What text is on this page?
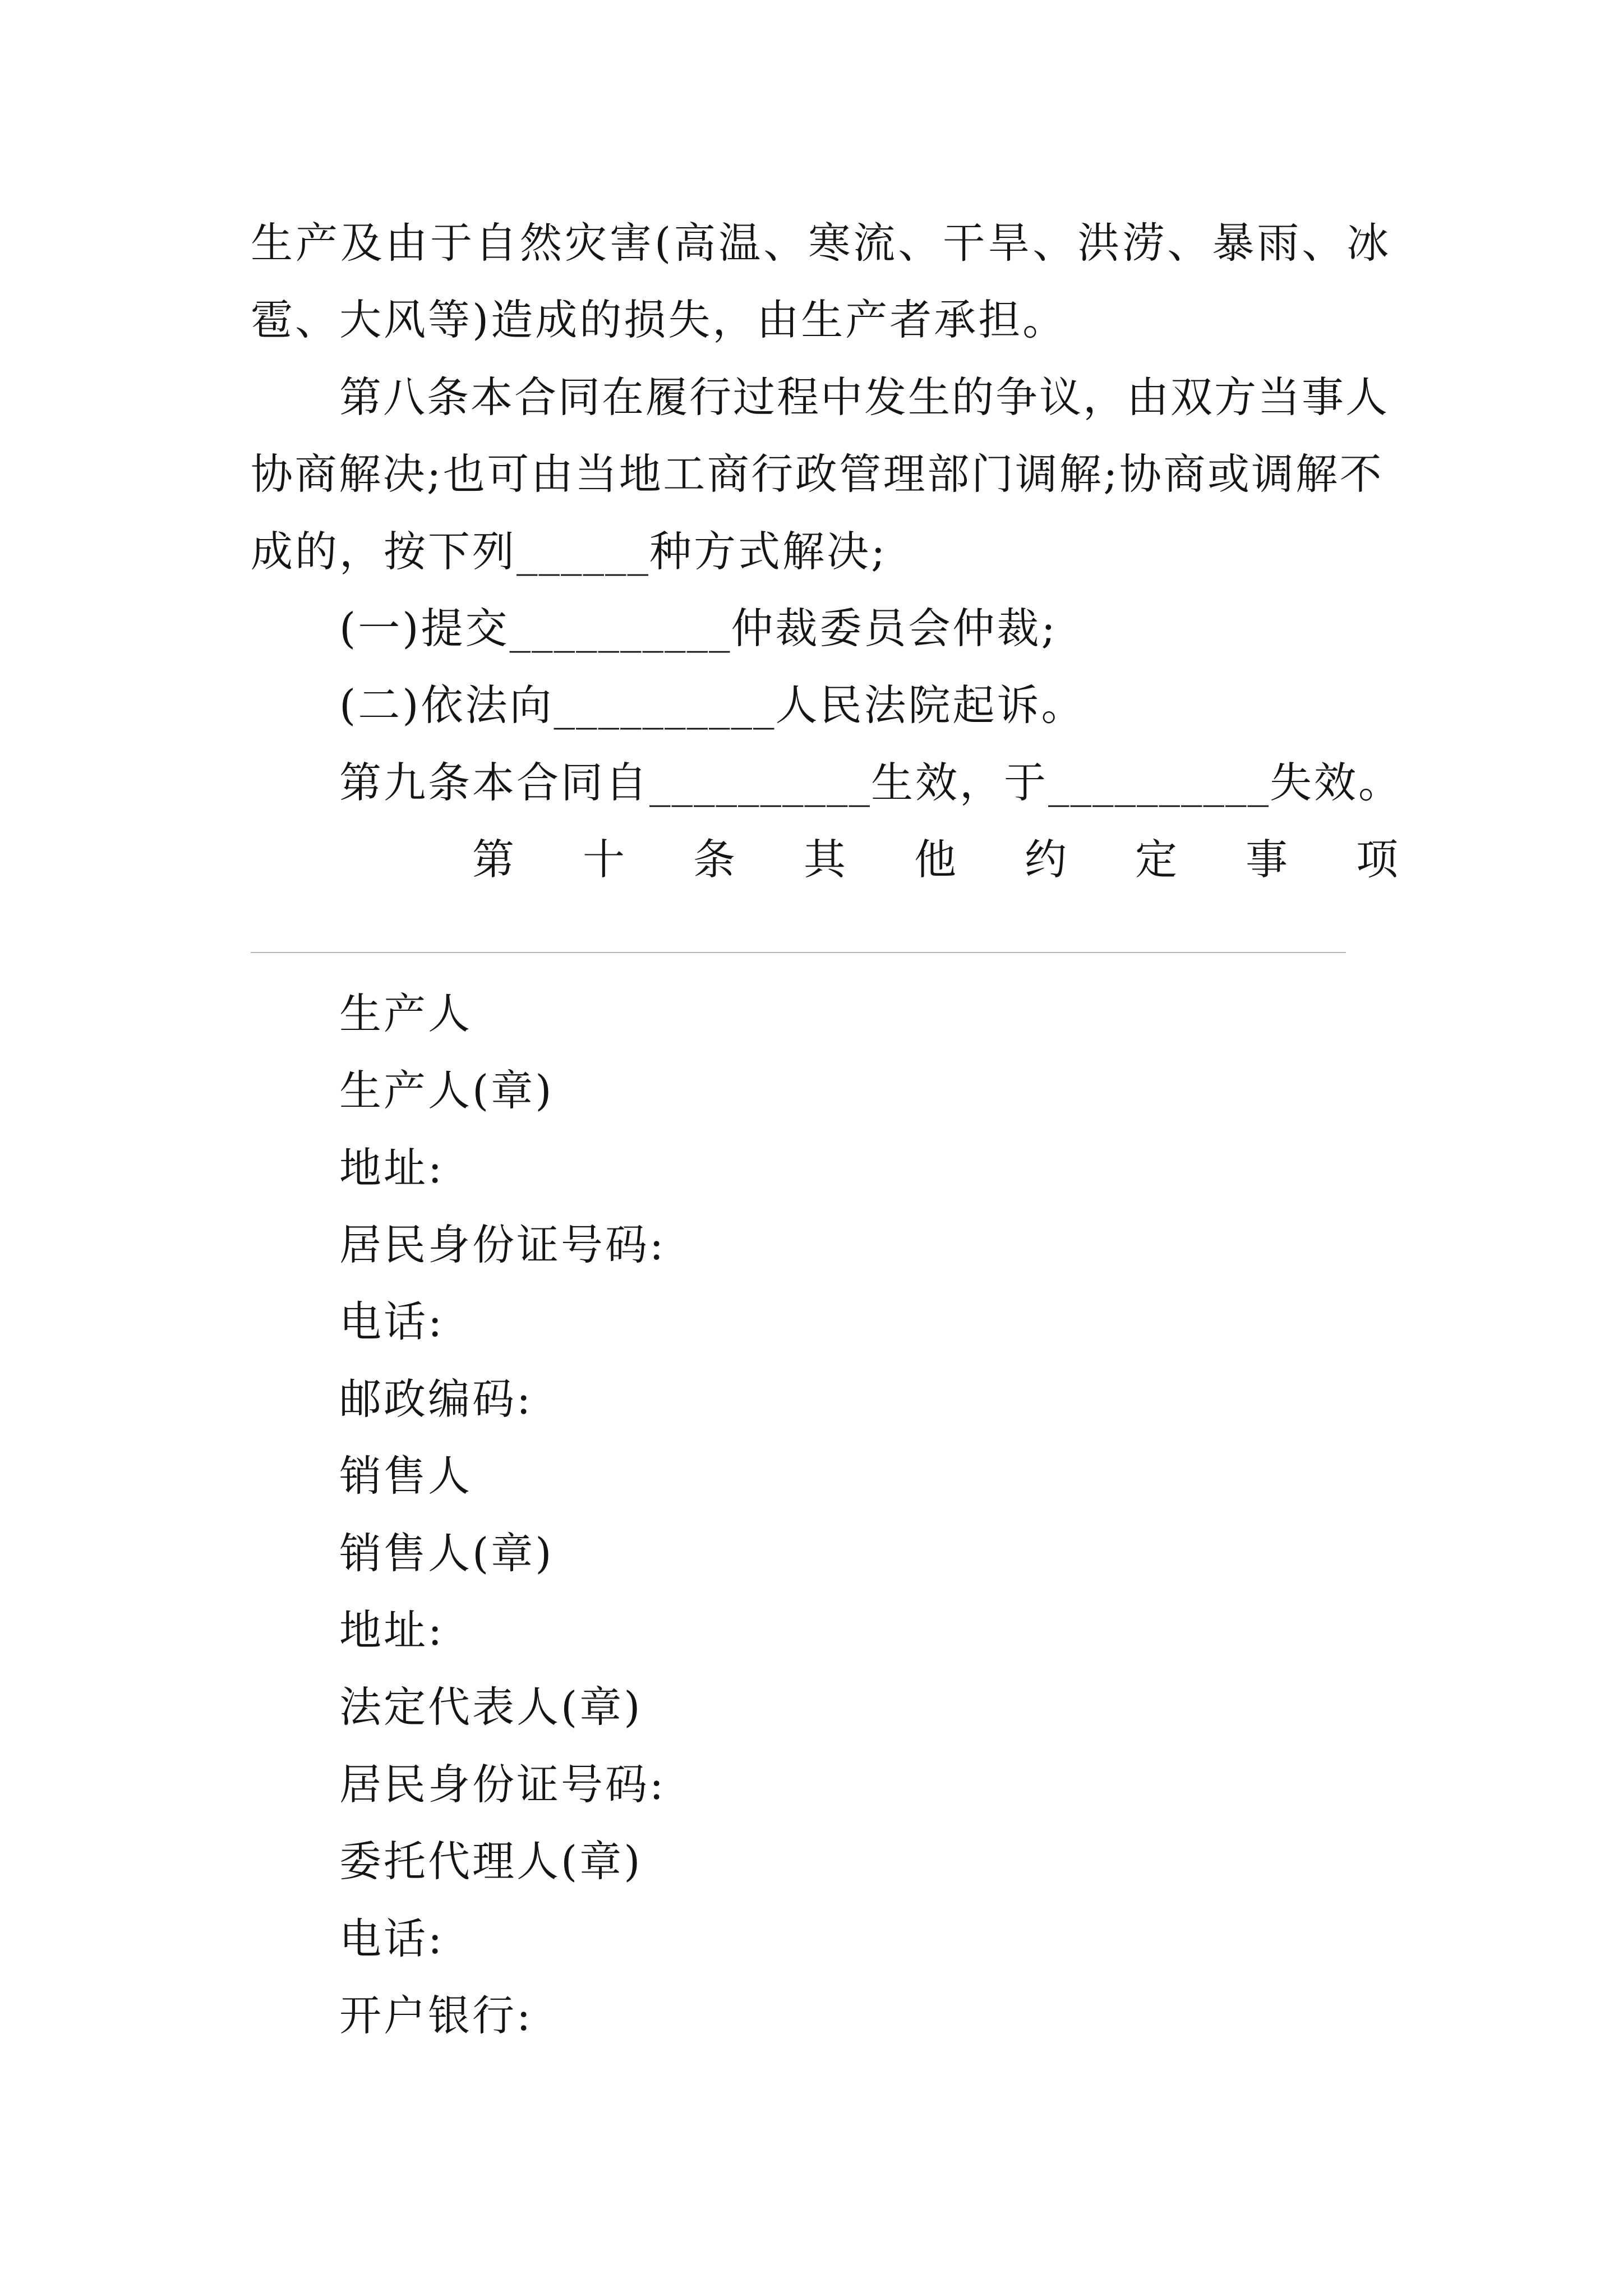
生产及由于自然灾害(高温、寒流、干旱、洪涝、暴雨、冰
雹、大风等)造成的损失，由生产者承担。
第八条本合同在履行过程中发生的争议，由双方当事人
协商解决;也可由当地工商行政管理部门调解;协商或调解不
成的，按下列______种方式解决;
(一)提交__________仲裁委员会仲裁;
(二)依法向__________人民法院起诉。
第九条本合同自__________生效，于__________失效。
第十条其他约定事项
生产人
生产人(章)
地址:
居民身份证号码:
电话:
邮政编码:
销售人
销售人(章)
地址:
法定代表人(章)
居民身份证号码:
委托代理人(章)
电话:
开户银行:
